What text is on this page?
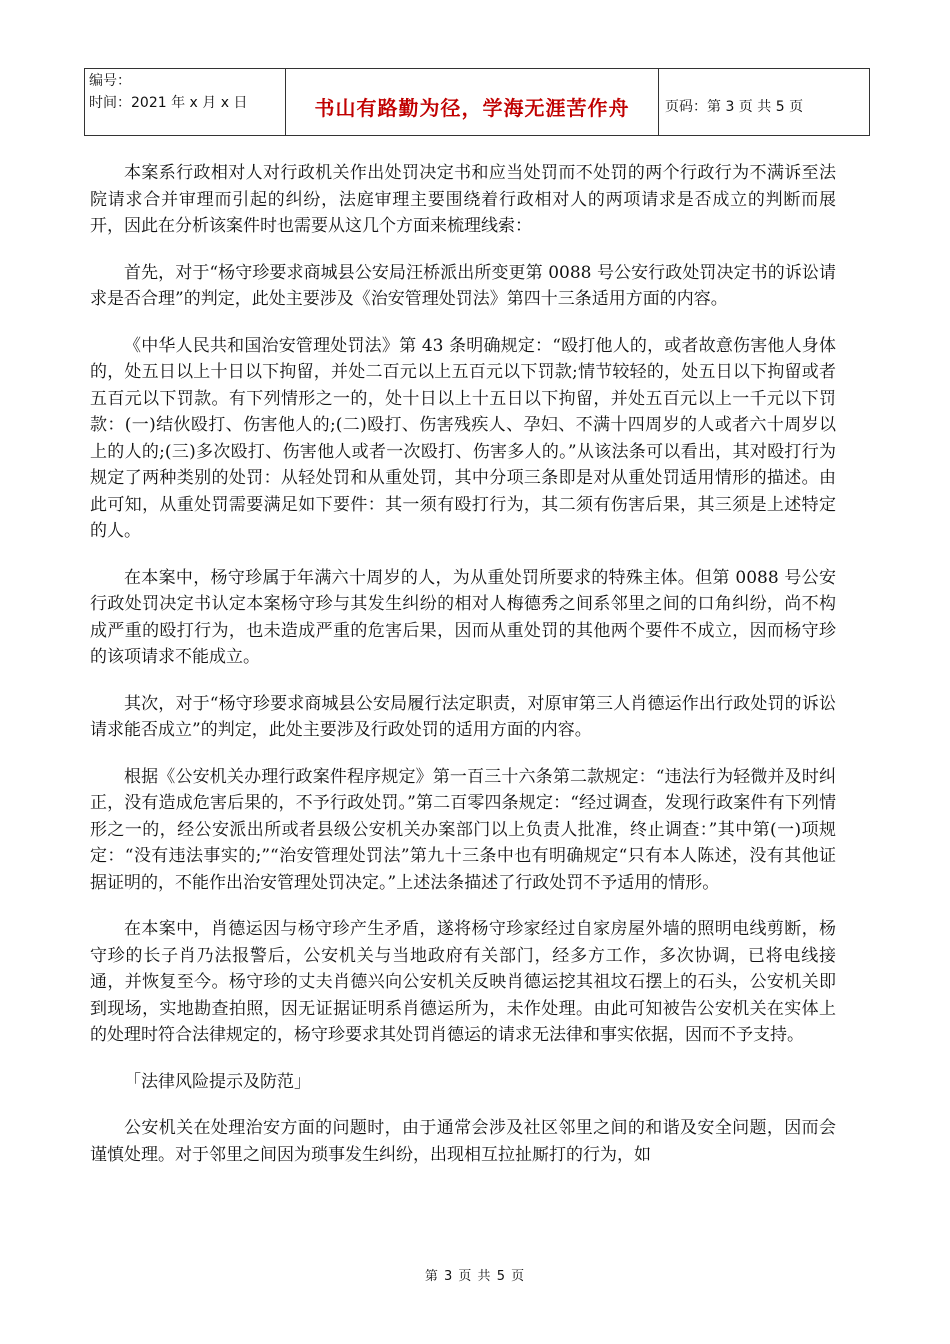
编号：
时间：2021 年 x 月 x 日	书山有路勤为径，学海无涯苦作舟	页码：第 3 页 共 5 页

本案系行政相对人对行政机关作出处罚决定书和应当处罚而不处罚的两个行政行为不满诉至法院请求合并审理而引起的纠纷，法庭审理主要围绕着行政相对人的两项请求是否成立的判断而展开，因此在分析该案件时也需要从这几个方面来梳理线索：

首先，对于“杨守珍要求商城县公安局汪桥派出所变更第 0088 号公安行政处罚决定书的诉讼请求是否合理”的判定，此处主要涉及《治安管理处罚法》第四十三条适用方面的内容。

《中华人民共和国治安管理处罚法》第 43 条明确规定：“殴打他人的，或者故意伤害他人身体的，处五日以上十日以下拘留，并处二百元以上五百元以下罚款;情节较轻的，处五日以下拘留或者五百元以下罚款。有下列情形之一的，处十日以上十五日以下拘留，并处五百元以上一千元以下罚款：(一)结伙殴打、伤害他人的;(二)殴打、伤害残疾人、孕妇、不满十四周岁的人或者六十周岁以上的人的;(三)多次殴打、伤害他人或者一次殴打、伤害多人的。”从该法条可以看出，其对殴打行为规定了两种类别的处罚：从轻处罚和从重处罚，其中分项三条即是对从重处罚适用情形的描述。由此可知，从重处罚需要满足如下要件：其一须有殴打行为，其二须有伤害后果，其三须是上述特定的人。

在本案中，杨守珍属于年满六十周岁的人，为从重处罚所要求的特殊主体。但第 0088 号公安行政处罚决定书认定本案杨守珍与其发生纠纷的相对人梅德秀之间系邻里之间的口角纠纷，尚不构成严重的殴打行为，也未造成严重的危害后果，因而从重处罚的其他两个要件不成立，因而杨守珍的该项请求不能成立。

其次，对于“杨守珍要求商城县公安局履行法定职责，对原审第三人肖德运作出行政处罚的诉讼请求能否成立”的判定，此处主要涉及行政处罚的适用方面的内容。

根据《公安机关办理行政案件程序规定》第一百三十六条第二款规定：“违法行为轻微并及时纠正，没有造成危害后果的，不予行政处罚。”第二百零四条规定：“经过调查，发现行政案件有下列情形之一的，经公安派出所或者县级公安机关办案部门以上负责人批准，终止调查：”其中第(一)项规定：“没有违法事实的;”“治安管理处罚法”第九十三条中也有明确规定“只有本人陈述，没有其他证据证明的，不能作出治安管理处罚决定。”上述法条描述了行政处罚不予适用的情形。

在本案中，肖德运因与杨守珍产生矛盾，遂将杨守珍家经过自家房屋外墙的照明电线剪断，杨守珍的长子肖乃法报警后，公安机关与当地政府有关部门，经多方工作，多次协调，已将电线接通，并恢复至今。杨守珍的丈夫肖德兴向公安机关反映肖德运挖其祖坟石摆上的石头，公安机关即到现场，实地勘查拍照，因无证据证明系肖德运所为，未作处理。由此可知被告公安机关在实体上的处理时符合法律规定的，杨守珍要求其处罚肖德运的请求无法律和事实依据，因而不予支持。

「法律风险提示及防范」

公安机关在处理治安方面的问题时，由于通常会涉及社区邻里之间的和谐及安全问题，因而会谨慎处理。对于邻里之间因为琐事发生纠纷，出现相互拉扯厮打的行为，如

第 3 页 共 5 页
